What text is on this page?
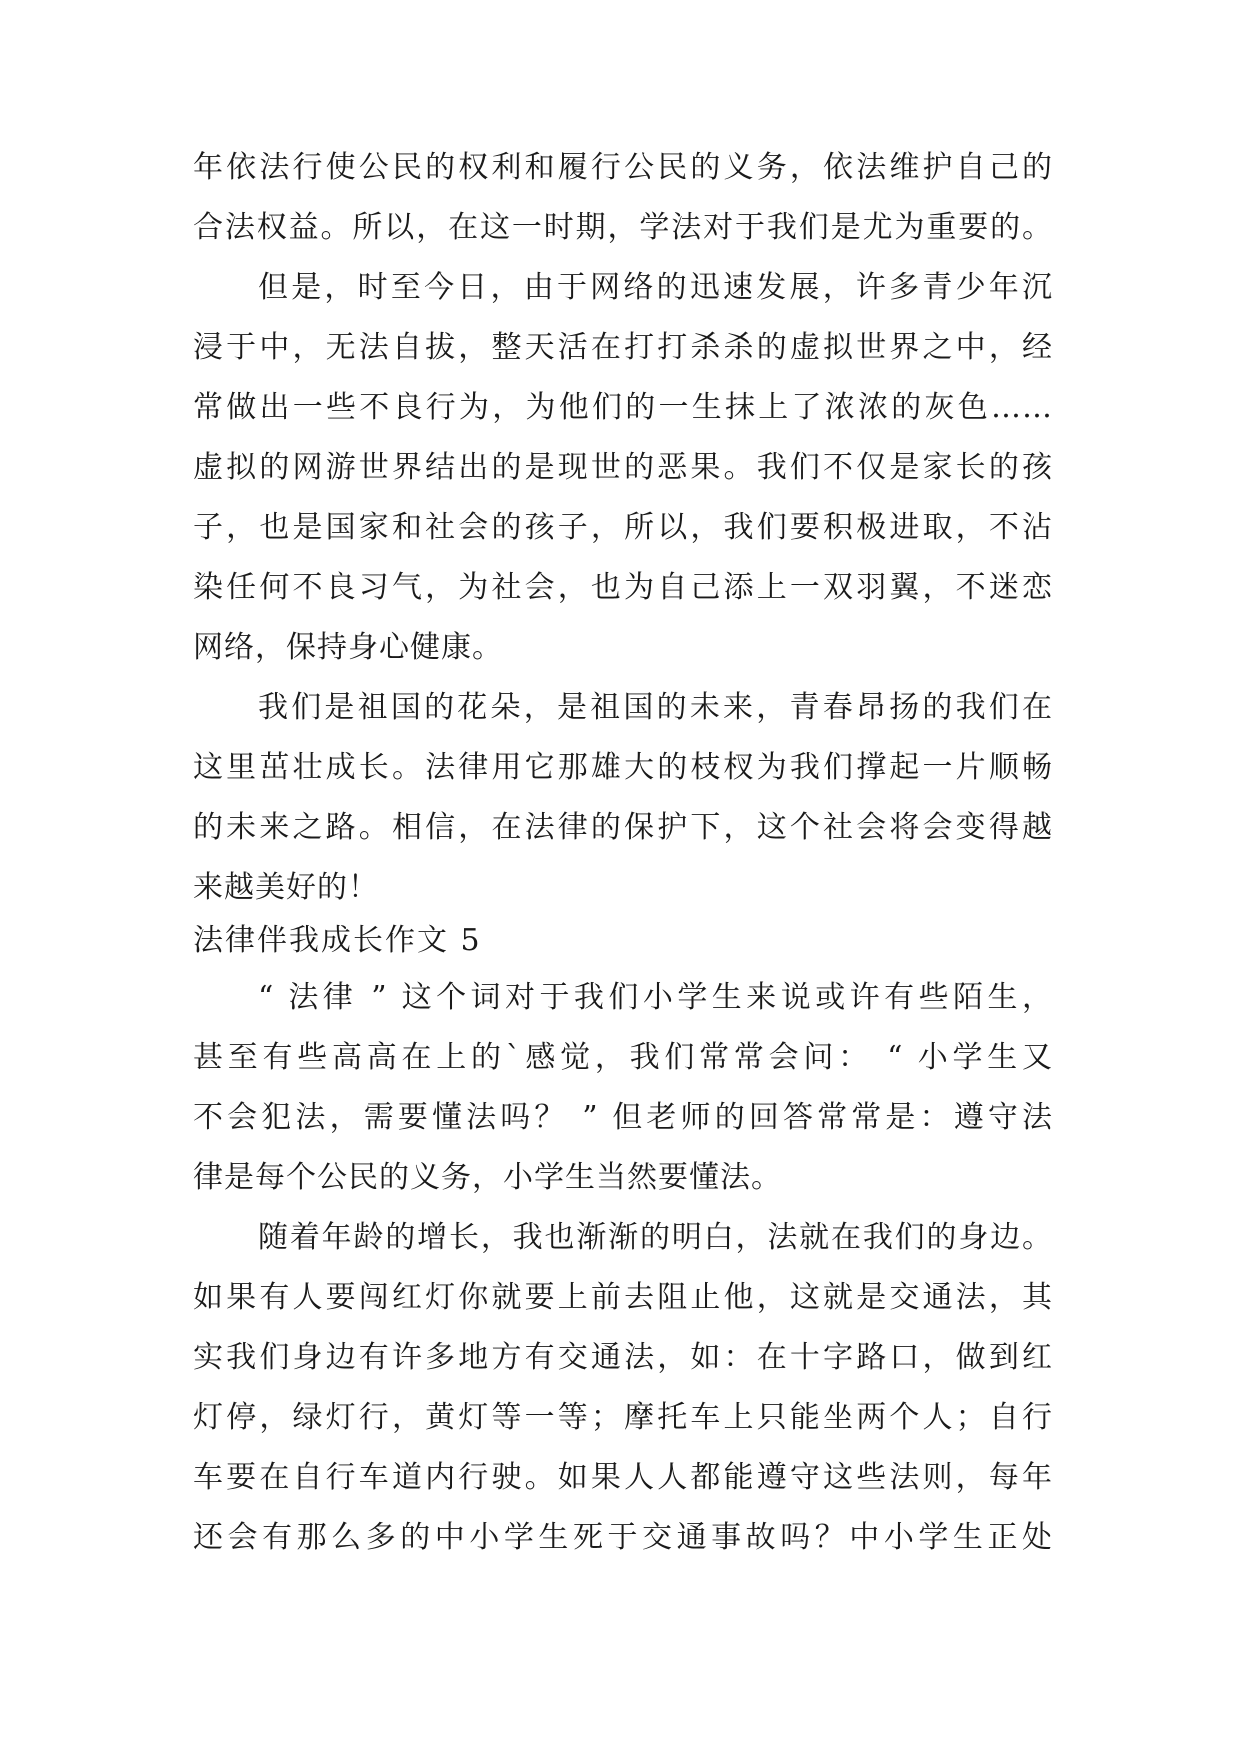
年依法行使公民的权利和履行公民的义务，依法维护自己的
合法权益。所以，在这一时期，学法对于我们是尤为重要的。
但是，时至今日，由于网络的迅速发展，许多青少年沉
浸于中，无法自拔，整天活在打打杀杀的虚拟世界之中，经
常做出一些不良行为，为他们的一生抹上了浓浓的灰色……
虚拟的网游世界结出的是现世的恶果。我们不仅是家长的孩
子，也是国家和社会的孩子，所以，我们要积极进取，不沾
染任何不良习气，为社会，也为自己添上一双羽翼，不迷恋
网络，保持身心健康。
我们是祖国的花朵，是祖国的未来，青春昂扬的我们在
这里茁壮成长。法律用它那雄大的枝杈为我们撑起一片顺畅
的未来之路。相信，在法律的保护下，这个社会将会变得越
来越美好的！
法律伴我成长作文 5
“ 法律 ” 这个词对于我们小学生来说或许有些陌生，
甚至有些高高在上的`感觉，我们常常会问： “ 小学生又
不会犯法，需要懂法吗？ ” 但老师的回答常常是：遵守法
律是每个公民的义务，小学生当然要懂法。
随着年龄的增长，我也渐渐的明白，法就在我们的身边。
如果有人要闯红灯你就要上前去阻止他，这就是交通法，其
实我们身边有许多地方有交通法，如：在十字路口，做到红
灯停，绿灯行，黄灯等一等；摩托车上只能坐两个人；自行
车要在自行车道内行驶。如果人人都能遵守这些法则，每年
还会有那么多的中小学生死于交通事故吗？中小学生正处
